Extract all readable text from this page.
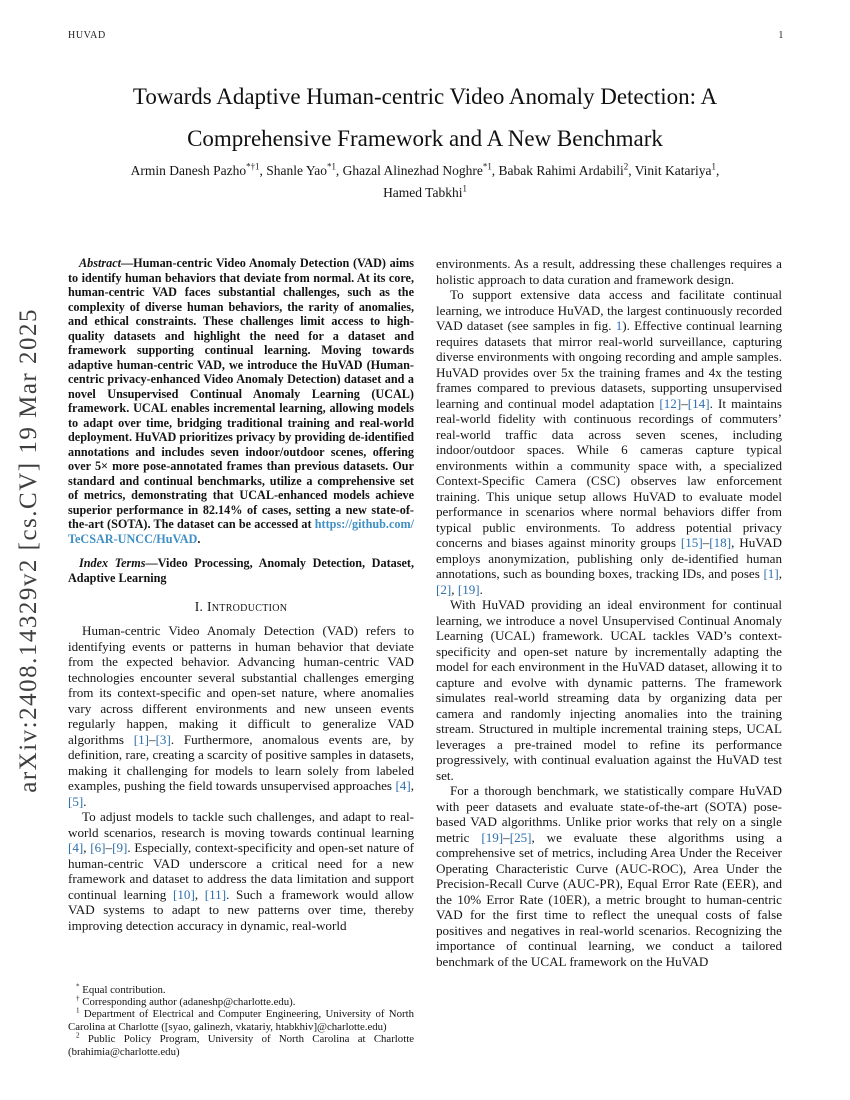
HUVAD	1
arXiv:2408.14329v2 [cs.CV] 19 Mar 2025
Towards Adaptive Human-centric Video Anomaly Detection: A
Comprehensive Framework and A New Benchmark
Armin Danesh Pazho$^{*\dagger 1}$, Shanle Yao$^{*1}$, Ghazal Alinezhad Noghre$^{*1}$, Babak Rahimi Ardabili$^2$, Vinit Katariya$^1$,
Hamed Tabkhi$^1$

Abstract—Human-centric Video Anomaly Detection (VAD) aims to identify human behaviors that deviate from normal. At its core, human-centric VAD faces substantial challenges, such as the complexity of diverse human behaviors, the rarity of anomalies, and ethical constraints. These challenges limit access to high-quality datasets and highlight the need for a dataset and framework supporting continual learning. Moving towards adaptive human-centric VAD, we introduce the HuVAD (Human-centric privacy-enhanced Video Anomaly Detection) dataset and a novel Unsupervised Continual Anomaly Learning (UCAL) framework. UCAL enables incremental learning, allowing models to adapt over time, bridging traditional training and real-world deployment. HuVAD prioritizes privacy by providing de-identified annotations and includes seven indoor/outdoor scenes, offering over 5× more pose-annotated frames than previous datasets. Our standard and continual benchmarks, utilize a comprehensive set of metrics, demonstrating that UCAL-enhanced models achieve superior performance in 82.14% of cases, setting a new state-of-the-art (SOTA). The dataset can be accessed at https://github.com/TeCSAR-UNCC/HuVAD.

Index Terms—Video Processing, Anomaly Detection, Dataset, Adaptive Learning

I. Introduction

Human-centric Video Anomaly Detection (VAD) refers to identifying events or patterns in human behavior that deviate from the expected behavior. Advancing human-centric VAD technologies encounter several substantial challenges emerging from its context-specific and open-set nature, where anomalies vary across different environments and new unseen events regularly happen, making it difficult to generalize VAD algorithms [1]–[3]. Furthermore, anomalous events are, by definition, rare, creating a scarcity of positive samples in datasets, making it challenging for models to learn solely from labeled examples, pushing the field towards unsupervised approaches [4], [5].

To adjust models to tackle such challenges, and adapt to real-world scenarios, research is moving towards continual learning [4], [6]–[9]. Especially, context-specificity and open-set nature of human-centric VAD underscore a critical need for a new framework and dataset to address the data limitation and support continual learning [10], [11]. Such a framework would allow VAD systems to adapt to new patterns over time, thereby improving detection accuracy in dynamic, real-world

* Equal contribution.

† Corresponding author (adaneshp@charlotte.edu).

$^1$ Department of Electrical and Computer Engineering, University of North Carolina at Charlotte ([syao, galinezh, vkatariy, htabkhiv]@charlotte.edu)

$^2$ Public Policy Program, University of North Carolina at Charlotte (brahimia@charlotte.edu)

environments. As a result, addressing these challenges requires a holistic approach to data curation and framework design.

To support extensive data access and facilitate continual learning, we introduce HuVAD, the largest continuously recorded VAD dataset (see samples in fig. 1). Effective continual learning requires datasets that mirror real-world surveillance, capturing diverse environments with ongoing recording and ample samples. HuVAD provides over 5x the training frames and 4x the testing frames compared to previous datasets, supporting unsupervised learning and continual model adaptation [12]–[14]. It maintains real-world fidelity with continuous recordings of commuters’ real-world traffic data across seven scenes, including indoor/outdoor spaces. While 6 cameras capture typical environments within a community space with, a specialized Context-Specific Camera (CSC) observes law enforcement training. This unique setup allows HuVAD to evaluate model performance in scenarios where normal behaviors differ from typical public environments. To address potential privacy concerns and biases against minority groups [15]–[18], HuVAD employs anonymization, publishing only de-identified human annotations, such as bounding boxes, tracking IDs, and poses [1], [2], [19].

With HuVAD providing an ideal environment for continual learning, we introduce a novel Unsupervised Continual Anomaly Learning (UCAL) framework. UCAL tackles VAD’s context-specificity and open-set nature by incrementally adapting the model for each environment in the HuVAD dataset, allowing it to capture and evolve with dynamic patterns. The framework simulates real-world streaming data by organizing data per camera and randomly injecting anomalies into the training stream. Structured in multiple incremental training steps, UCAL leverages a pre-trained model to refine its performance progressively, with continual evaluation against the HuVAD test set.

For a thorough benchmark, we statistically compare HuVAD with peer datasets and evaluate state-of-the-art (SOTA) pose-based VAD algorithms. Unlike prior works that rely on a single metric [19]–[25], we evaluate these algorithms using a comprehensive set of metrics, including Area Under the Receiver Operating Characteristic Curve (AUC-ROC), Area Under the Precision-Recall Curve (AUC-PR), Equal Error Rate (EER), and the 10% Error Rate (10ER), a metric brought to human-centric VAD for the first time to reflect the unequal costs of false positives and negatives in real-world scenarios. Recognizing the importance of continual learning, we conduct a tailored benchmark of the UCAL framework on the HuVAD
